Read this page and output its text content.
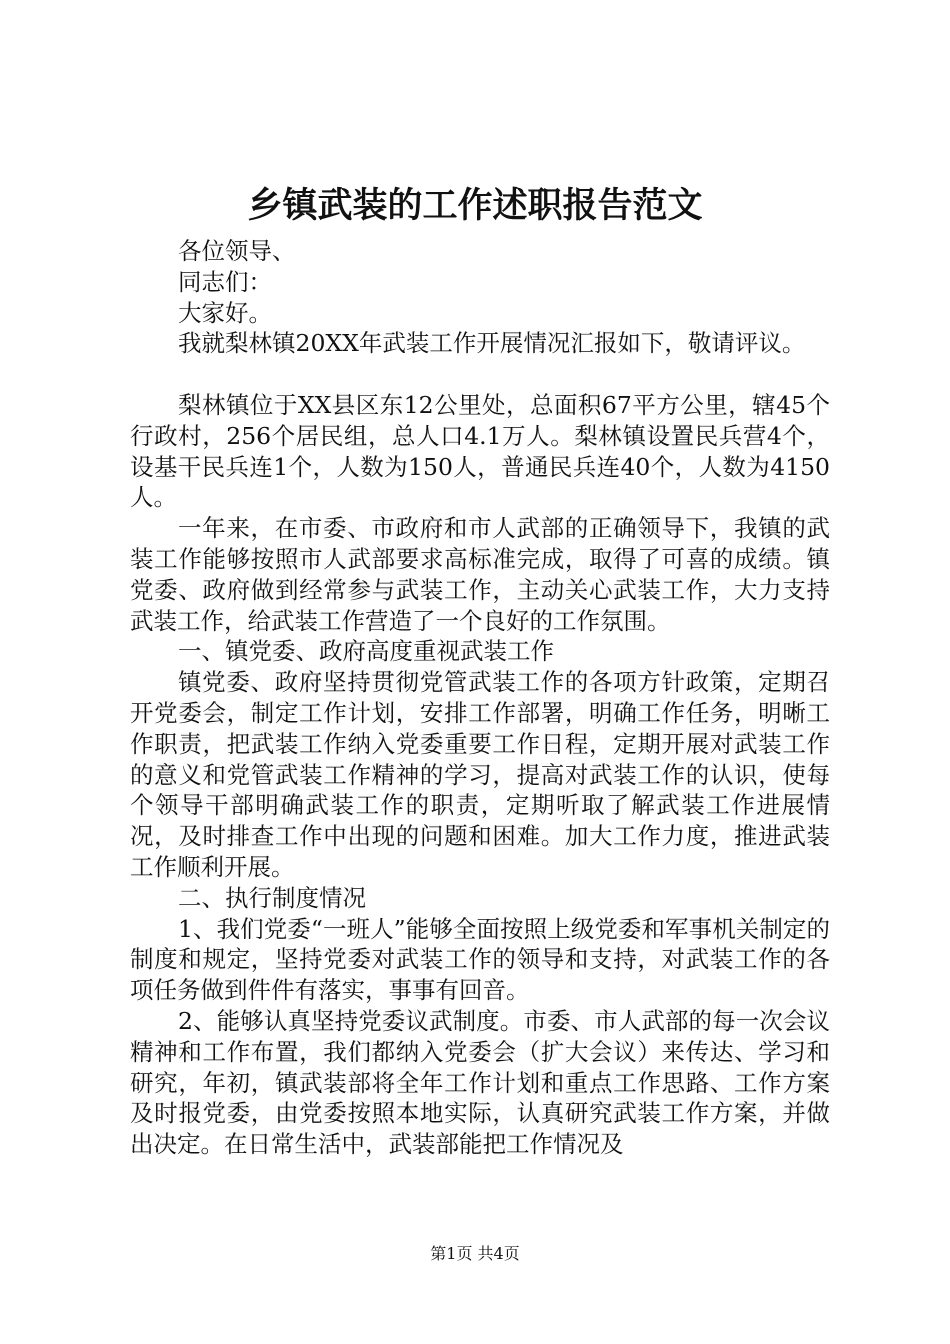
乡镇武装的工作述职报告范文

各位领导、

同志们：

大家好。

我就梨林镇20XX年武装工作开展情况汇报如下，敬请评议。

梨林镇位于XX县区东12公里处，总面积67平方公里，辖45个行政村，256个居民组，总人口4.1万人。梨林镇设置民兵营4个，设基干民兵连1个，人数为150人，普通民兵连40个，人数为4150人。

一年来，在市委、市政府和市人武部的正确领导下，我镇的武装工作能够按照市人武部要求高标准完成，取得了可喜的成绩。镇党委、政府做到经常参与武装工作，主动关心武装工作，大力支持武装工作，给武装工作营造了一个良好的工作氛围。

一、镇党委、政府高度重视武装工作

镇党委、政府坚持贯彻党管武装工作的各项方针政策，定期召开党委会，制定工作计划，安排工作部署，明确工作任务，明晰工作职责，把武装工作纳入党委重要工作日程，定期开展对武装工作的意义和党管武装工作精神的学习，提高对武装工作的认识，使每个领导干部明确武装工作的职责，定期听取了解武装工作进展情况，及时排查工作中出现的问题和困难。加大工作力度，推进武装工作顺利开展。

二、执行制度情况

1、我们党委“一班人”能够全面按照上级党委和军事机关制定的制度和规定，坚持党委对武装工作的领导和支持，对武装工作的各项任务做到件件有落实，事事有回音。

2、能够认真坚持党委议武制度。市委、市人武部的每一次会议精神和工作布置，我们都纳入党委会（扩大会议）来传达、学习和研究，年初，镇武装部将全年工作计划和重点工作思路、工作方案及时报党委，由党委按照本地实际，认真研究武装工作方案，并做出决定。在日常生活中，武装部能把工作情况及

第1页 共4页
